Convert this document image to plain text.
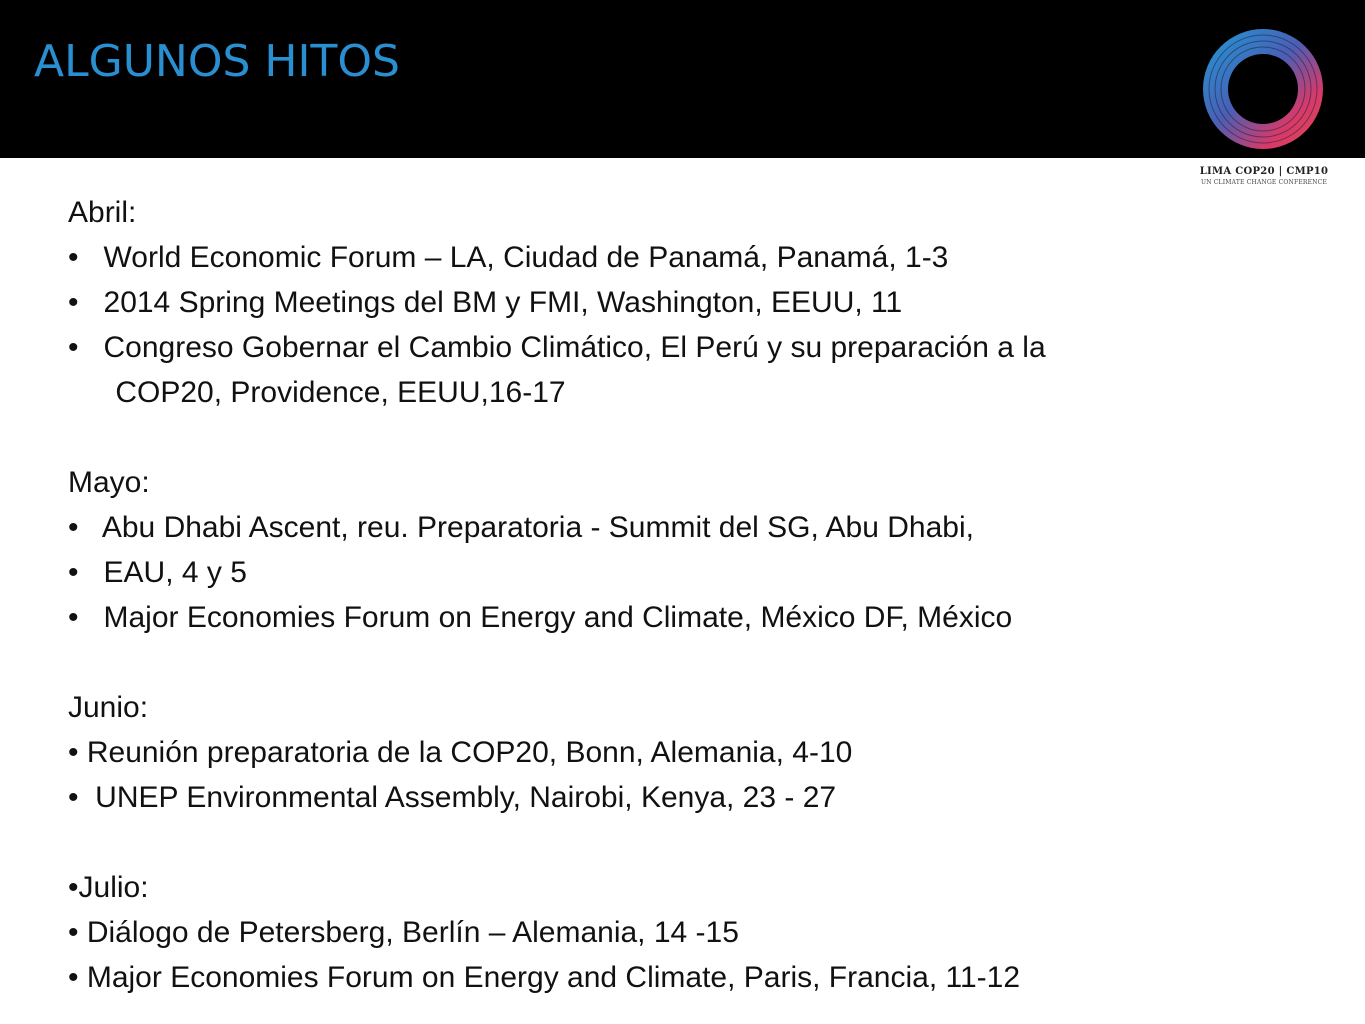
ALGUNOS HITOS
LIMA COP20 | CMP10
UN CLIMATE CHANGE CONFERENCE
Abril:
•   World Economic Forum – LA, Ciudad de Panamá, Panamá, 1-3
•   2014 Spring Meetings del BM y FMI, Washington, EEUU, 11
•   Congreso Gobernar el Cambio Climático, El Perú y su preparación a la
COP20, Providence, EEUU,16-17
Mayo:
•   Abu Dhabi Ascent, reu. Preparatoria - Summit del SG, Abu Dhabi,
•   EAU, 4 y 5
•   Major Economies Forum on Energy and Climate, México DF, México
Junio:
• Reunión preparatoria de la COP20, Bonn, Alemania, 4-10
•  UNEP Environmental Assembly, Nairobi, Kenya, 23 - 27
•Julio:
• Diálogo de Petersberg, Berlín – Alemania, 14 -15
• Major Economies Forum on Energy and Climate, Paris, Francia, 11-12
